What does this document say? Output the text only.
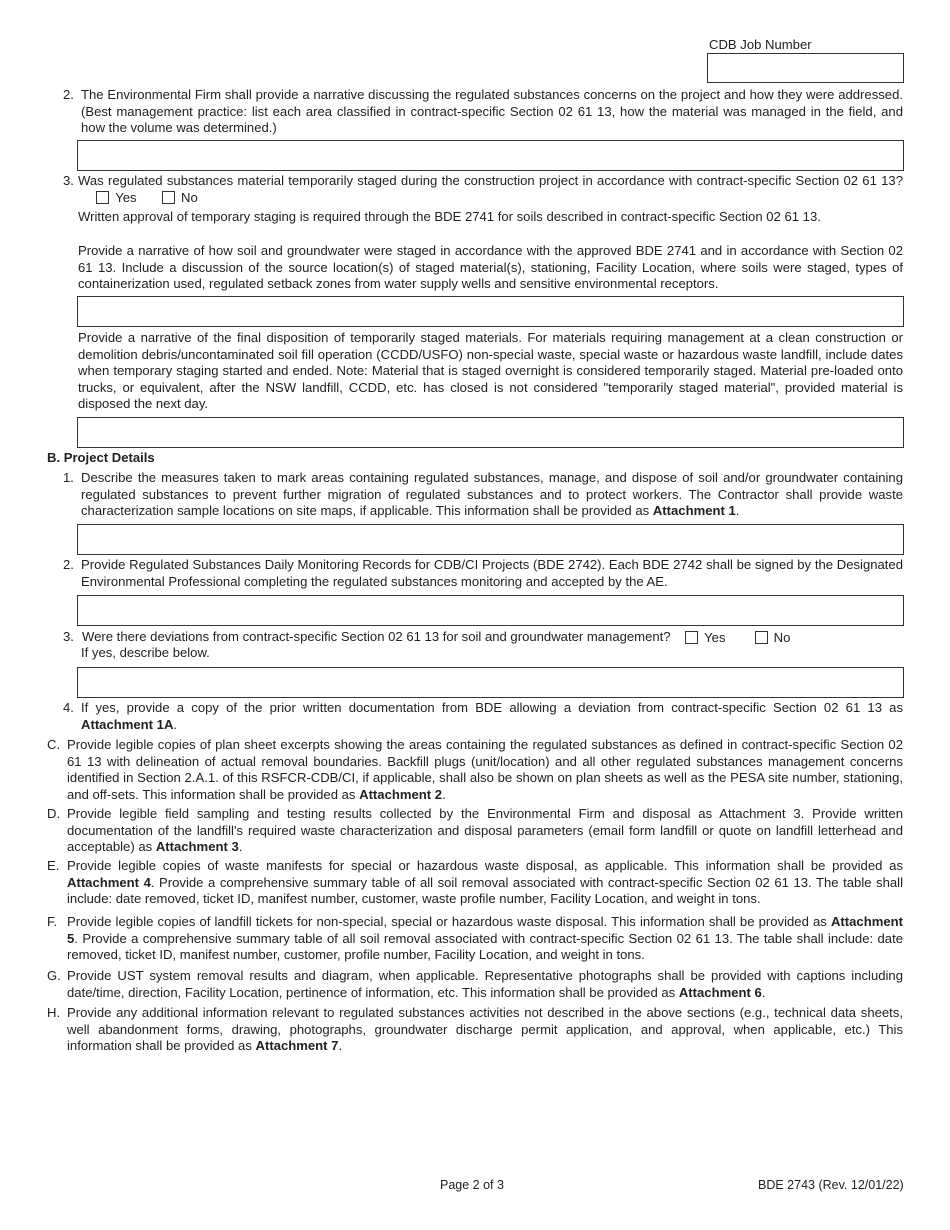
CDB Job Number
2. The Environmental Firm shall provide a narrative discussing the regulated substances concerns on the project and how they were addressed. (Best management practice: list each area classified in contract-specific Section 02 61 13, how the material was managed in the field, and how the volume was determined.)
3. Was regulated substances material temporarily staged during the construction project in accordance with contract-specific Section 02 61 13?      Yes	No
Written approval of temporary staging is required through the BDE 2741 for soils described in contract-specific Section 02 61 13.
Provide a narrative of how soil and groundwater were staged in accordance with the approved BDE 2741 and in accordance with Section 02 61 13. Include a discussion of the source location(s) of staged material(s), stationing, Facility Location, where soils were staged, types of containerization used, regulated setback zones from water supply wells and sensitive environmental receptors.
Provide a narrative of the final disposition of temporarily staged materials. For materials requiring management at a clean construction or demolition debris/uncontaminated soil fill operation (CCDD/USFO) non-special waste, special waste or hazardous waste landfill, include dates when temporary staging started and ended. Note: Material that is staged overnight is considered temporarily staged. Material pre-loaded onto trucks, or equivalent, after the NSW landfill, CCDD, etc. has closed is not considered "temporarily staged material", provided material is disposed the next day.
B. Project Details
1. Describe the measures taken to mark areas containing regulated substances, manage, and dispose of soil and/or groundwater containing regulated substances to prevent further migration of regulated substances and to protect workers. The Contractor shall provide waste characterization sample locations on site maps, if applicable. This information shall be provided as Attachment 1.
2. Provide Regulated Substances Daily Monitoring Records for CDB/CI Projects (BDE 2742). Each BDE 2742 shall be signed by the Designated Environmental Professional completing the regulated substances monitoring and accepted by the AE.
3. Were there deviations from contract-specific Section 02 61 13 for soil and groundwater management?	Yes	No
If yes, describe below.
4. If yes, provide a copy of the prior written documentation from BDE allowing a deviation from contract-specific Section 02 61 13 as Attachment 1A.
C. Provide legible copies of plan sheet excerpts showing the areas containing the regulated substances as defined in contract-specific Section 02 61 13 with delineation of actual removal boundaries. Backfill plugs (unit/location) and all other regulated substances management concerns identified in Section 2.A.1. of this RSFCR-CDB/CI, if applicable, shall also be shown on plan sheets as well as the PESA site number, stationing, and off-sets. This information shall be provided as Attachment 2.
D. Provide legible field sampling and testing results collected by the Environmental Firm and disposal as Attachment 3. Provide written documentation of the landfill's required waste characterization and disposal parameters (email form landfill or quote on landfill letterhead and acceptable) as Attachment 3.
E. Provide legible copies of waste manifests for special or hazardous waste disposal, as applicable. This information shall be provided as Attachment 4. Provide a comprehensive summary table of all soil removal associated with contract-specific Section 02 61 13. The table shall include: date removed, ticket ID, manifest number, customer, waste profile number, Facility Location, and weight in tons.
F. Provide legible copies of landfill tickets for non-special, special or hazardous waste disposal. This information shall be provided as Attachment 5. Provide a comprehensive summary table of all soil removal associated with contract-specific Section 02 61 13. The table shall include: date removed, ticket ID, manifest number, customer, profile number, Facility Location, and weight in tons.
G. Provide UST system removal results and diagram, when applicable. Representative photographs shall be provided with captions including date/time, direction, Facility Location, pertinence of information, etc. This information shall be provided as Attachment 6.
H. Provide any additional information relevant to regulated substances activities not described in the above sections (e.g., technical data sheets, well abandonment forms, drawing, photographs, groundwater discharge permit application, and approval, when applicable, etc.) This information shall be provided as Attachment 7.
Page 2 of 3	BDE 2743 (Rev. 12/01/22)
